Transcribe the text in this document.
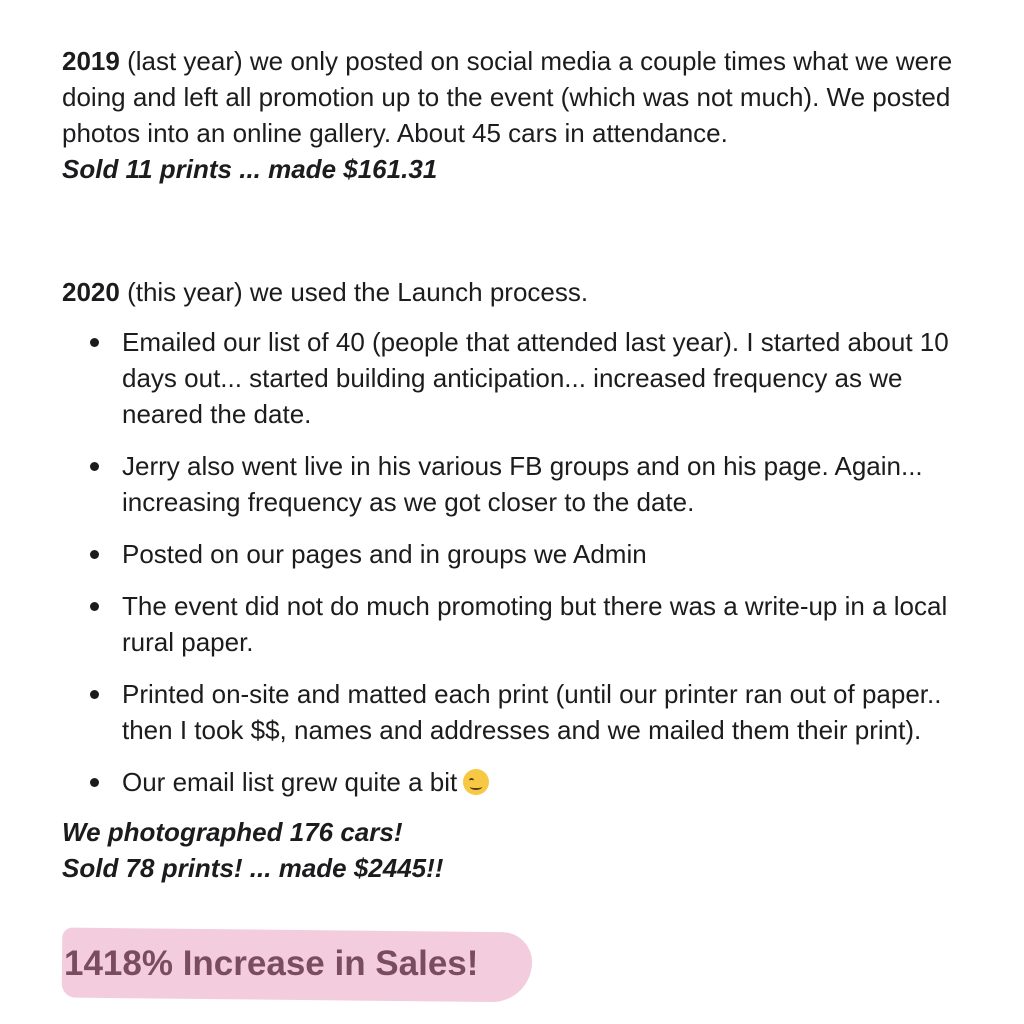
2019 (last year) we only posted on social media a couple times what we were doing and left all promotion up to the event (which was not much). We posted photos into an online gallery. About 45 cars in attendance.
Sold 11 prints ... made $161.31
2020 (this year) we used the Launch process.
Emailed our list of 40 (people that attended last year). I started about 10 days out... started building anticipation... increased frequency as we neared the date.
Jerry also went live in his various FB groups and on his page. Again... increasing frequency as we got closer to the date.
Posted on our pages and in groups we Admin
The event did not do much promoting but there was a write-up in a local rural paper.
Printed on-site and matted each print (until our printer ran out of paper.. then I took $$, names and addresses and we mailed them their print).
Our email list grew quite a bit
We photographed 176 cars!
Sold 78 prints! ... made $2445!!
1418% Increase in Sales!
